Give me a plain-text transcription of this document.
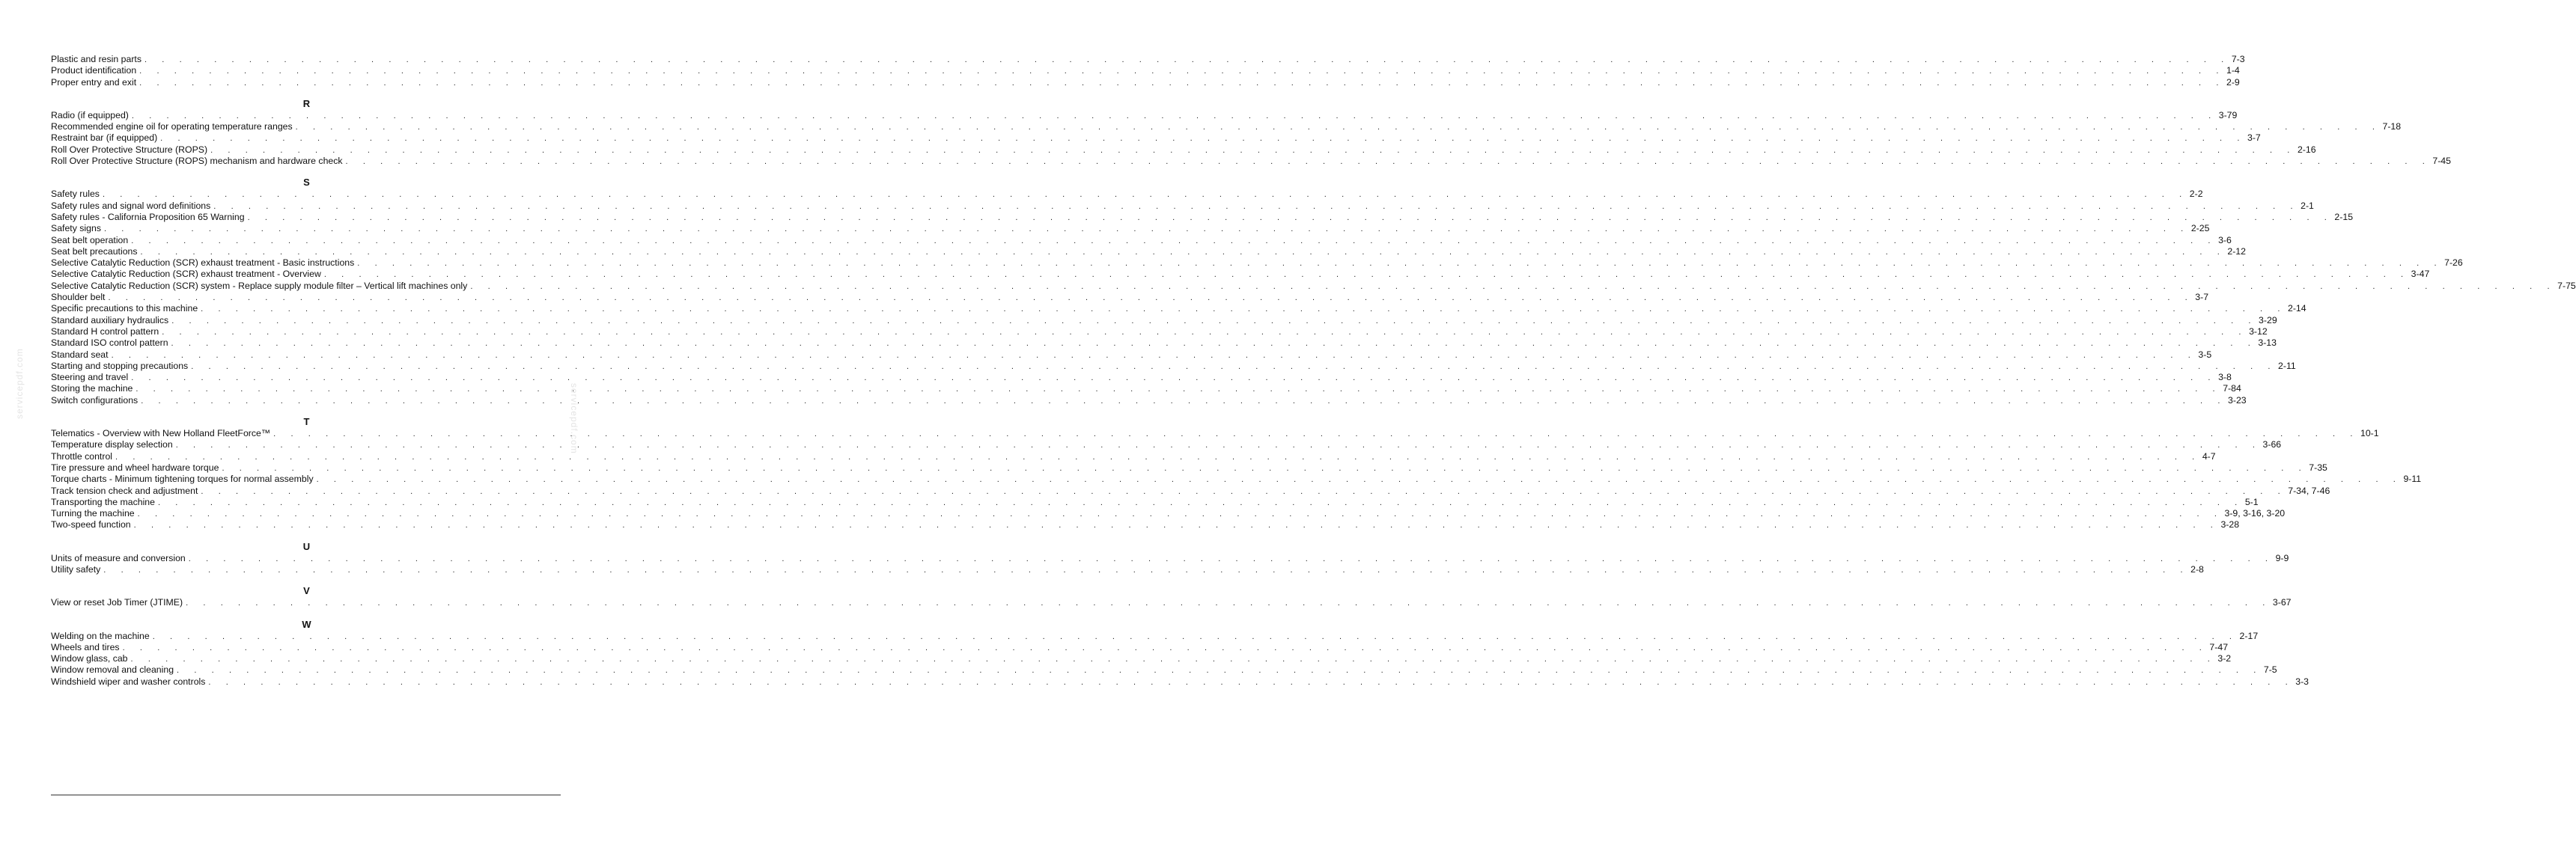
Plastic and resin parts . . . . . . . . . . . . . . . . . . . . . . . . . . . . . . . . . . . . . . . . . . . . . . . . . . . . . . . . . . . . . . . . . . . . . . . . . . . . . . . . . . . . . . . . . . . . . . . . . . . . . . . . . . . . . . . . . . . . . . . . 7-3
Product identification . . . . . . . . . . . . . . . . . . . . . . . . . . . . . . . . . . . . . . . . . . . . . . . . . . . . . . . . . . . . . . . . . . . . . . . . . . . . . . . . . . . . . . . . . . . . . . . . . . . . . . . . . . . . . . . . . . . . . . . . 1-4
Proper entry and exit . . . . . . . . . . . . . . . . . . . . . . . . . . . . . . . . . . . . . . . . . . . . . . . . . . . . . . . . . . . . . . . . . . . . . . . . . . . . . . . . . . . . . . . . . . . . . . . . . . . . . . . . . . . . . . . . . . . . . . . . 2-9
R
Radio (if equipped) . . . . . . . . . . . . . . . . . . . . . . . . . . . . . . . . . . . . . . . . . . . . . . . . . . . . . . . . . . . . . . . . . . . . . . . . . . . . . . . . . . . . . . . . . . . . . . . . . . . . . . . . . . . . . . . . . . . . . . . . 3-79
Recommended engine oil for operating temperature ranges . . . . . . . . . . . . . . . . . . . . . . . . . . . . . . . . . . . . . . . . . . . . . . . . . . . . . . . . . . . . . . . . . . . . . . . . . . . . . . . . . . . . . . . . . . . . . . . . . . . . . . . . . . . . . . . . . . . . . . . . 7-18
Restraint bar (if equipped) . . . . . . . . . . . . . . . . . . . . . . . . . . . . . . . . . . . . . . . . . . . . . . . . . . . . . . . . . . . . . . . . . . . . . . . . . . . . . . . . . . . . . . . . . . . . . . . . . . . . . . . . . . . . . . . . . . . . . . . . 3-7
Roll Over Protective Structure (ROPS) . . . . . . . . . . . . . . . . . . . . . . . . . . . . . . . . . . . . . . . . . . . . . . . . . . . . . . . . . . . . . . . . . . . . . . . . . . . . . . . . . . . . . . . . . . . . . . . . . . . . . . . . . . . . . . . . . . . . . . . . 2-16
Roll Over Protective Structure (ROPS) mechanism and hardware check . . . . . . . . . . . . . . . . . . . . . . . . . . . . . . . . . . . . . . . . . . . . . . . . . . . . . . . . . . . . . . . . . . . . . . . . . . . . . . . . . . . . . . . . . . . . . . . . . . . . . . . . . . . . . . . . . . . . . . . . 7-45
S
Safety rules . . . . . . . . . . . . . . . . . . . . . . . . . . . . . . . . . . . . . . . . . . . . . . . . . . . . . . . . . . . . . . . . . . . . . . . . . . . . . . . . . . . . . . . . . . . . . . . . . . . . . . . . . . . . . . . . . . . . . . . . 2-2
Safety rules and signal word definitions . . . . . . . . . . . . . . . . . . . . . . . . . . . . . . . . . . . . . . . . . . . . . . . . . . . . . . . . . . . . . . . . . . . . . . . . . . . . . . . . . . . . . . . . . . . . . . . . . . . . . . . . . . . . . . . . . . . . . . . . 2-1
Safety rules - California Proposition 65 Warning . . . . . . . . . . . . . . . . . . . . . . . . . . . . . . . . . . . . . . . . . . . . . . . . . . . . . . . . . . . . . . . . . . . . . . . . . . . . . . . . . . . . . . . . . . . . . . . . . . . . . . . . . . . . . . . . . . . . . . . . 2-15
Safety signs . . . . . . . . . . . . . . . . . . . . . . . . . . . . . . . . . . . . . . . . . . . . . . . . . . . . . . . . . . . . . . . . . . . . . . . . . . . . . . . . . . . . . . . . . . . . . . . . . . . . . . . . . . . . . . . . . . . . . . . . 2-25
Seat belt operation . . . . . . . . . . . . . . . . . . . . . . . . . . . . . . . . . . . . . . . . . . . . . . . . . . . . . . . . . . . . . . . . . . . . . . . . . . . . . . . . . . . . . . . . . . . . . . . . . . . . . . . . . . . . . . . . . . . . . . . . 3-6
Seat belt precautions . . . . . . . . . . . . . . . . . . . . . . . . . . . . . . . . . . . . . . . . . . . . . . . . . . . . . . . . . . . . . . . . . . . . . . . . . . . . . . . . . . . . . . . . . . . . . . . . . . . . . . . . . . . . . . . . . . . . . . . . 2-12
Selective Catalytic Reduction (SCR) exhaust treatment - Basic instructions . . . . . . . . . . . . . . . . . . . . . . . . . . . . . . . . . . . . . . . . . . . . . . . . . . . . . . . . . . . . . . . . . . . . . . . . . . . . . . . . . . . . . . . . . . . . . . . . . . . . . . . . . . . . . . . . . . . . . . . . 7-26
Selective Catalytic Reduction (SCR) exhaust treatment - Overview . . . . . . . . . . . . . . . . . . . . . . . . . . . . . . . . . . . . . . . . . . . . . . . . . . . . . . . . . . . . . . . . . . . . . . . . . . . . . . . . . . . . . . . . . . . . . . . . . . . . . . . . . . . . . . . . . . . . . . . . 3-47
Selective Catalytic Reduction (SCR) system - Replace supply module filter – Vertical lift machines only . . . . . . . . . . . . . . . . . . . . . . . . . . . . . . . . . . . . . . . . . . . . . . . . . . . . . . . . . . . . . . . . . . . . . . . . . . . . . . . . . . . . . . . . . . . . . . . . . . . . . . . . . . . . . . . . . . . . . . . . 7-75
Shoulder belt . . . . . . . . . . . . . . . . . . . . . . . . . . . . . . . . . . . . . . . . . . . . . . . . . . . . . . . . . . . . . . . . . . . . . . . . . . . . . . . . . . . . . . . . . . . . . . . . . . . . . . . . . . . . . . . . . . . . . . . . 3-7
Specific precautions to this machine . . . . . . . . . . . . . . . . . . . . . . . . . . . . . . . . . . . . . . . . . . . . . . . . . . . . . . . . . . . . . . . . . . . . . . . . . . . . . . . . . . . . . . . . . . . . . . . . . . . . . . . . . . . . . . . . . . . . . . . . 2-14
Standard auxiliary hydraulics . . . . . . . . . . . . . . . . . . . . . . . . . . . . . . . . . . . . . . . . . . . . . . . . . . . . . . . . . . . . . . . . . . . . . . . . . . . . . . . . . . . . . . . . . . . . . . . . . . . . . . . . . . . . . . . . . . . . . . . . 3-29
Standard H control pattern . . . . . . . . . . . . . . . . . . . . . . . . . . . . . . . . . . . . . . . . . . . . . . . . . . . . . . . . . . . . . . . . . . . . . . . . . . . . . . . . . . . . . . . . . . . . . . . . . . . . . . . . . . . . . . . . . . . . . . . . 3-12
Standard ISO control pattern . . . . . . . . . . . . . . . . . . . . . . . . . . . . . . . . . . . . . . . . . . . . . . . . . . . . . . . . . . . . . . . . . . . . . . . . . . . . . . . . . . . . . . . . . . . . . . . . . . . . . . . . . . . . . . . . . . . . . . . . 3-13
Standard seat . . . . . . . . . . . . . . . . . . . . . . . . . . . . . . . . . . . . . . . . . . . . . . . . . . . . . . . . . . . . . . . . . . . . . . . . . . . . . . . . . . . . . . . . . . . . . . . . . . . . . . . . . . . . . . . . . . . . . . . . 3-5
Starting and stopping precautions . . . . . . . . . . . . . . . . . . . . . . . . . . . . . . . . . . . . . . . . . . . . . . . . . . . . . . . . . . . . . . . . . . . . . . . . . . . . . . . . . . . . . . . . . . . . . . . . . . . . . . . . . . . . . . . . . . . . . . . . 2-11
Steering and travel . . . . . . . . . . . . . . . . . . . . . . . . . . . . . . . . . . . . . . . . . . . . . . . . . . . . . . . . . . . . . . . . . . . . . . . . . . . . . . . . . . . . . . . . . . . . . . . . . . . . . . . . . . . . . . . . . . . . . . . . 3-8
Storing the machine . . . . . . . . . . . . . . . . . . . . . . . . . . . . . . . . . . . . . . . . . . . . . . . . . . . . . . . . . . . . . . . . . . . . . . . . . . . . . . . . . . . . . . . . . . . . . . . . . . . . . . . . . . . . . . . . . . . . . . . . 7-84
Switch configurations . . . . . . . . . . . . . . . . . . . . . . . . . . . . . . . . . . . . . . . . . . . . . . . . . . . . . . . . . . . . . . . . . . . . . . . . . . . . . . . . . . . . . . . . . . . . . . . . . . . . . . . . . . . . . . . . . . . . . . . . 3-23
T
Telematics - Overview with New Holland FleetForce™ . . . . . . . . . . . . . . . . . . . . . . . . . . . . . . . . . . . . . . . . . . . . . . . . . . . . . . . . . . . . . . . . . . . . . . . . . . . . . . . . . . . . . . . . . . . . . . . . . . . . . . . . . . . . . . . . . . . . . . . . 10-1
Temperature display selection . . . . . . . . . . . . . . . . . . . . . . . . . . . . . . . . . . . . . . . . . . . . . . . . . . . . . . . . . . . . . . . . . . . . . . . . . . . . . . . . . . . . . . . . . . . . . . . . . . . . . . . . . . . . . . . . . . . . . . . . 3-66
Throttle control . . . . . . . . . . . . . . . . . . . . . . . . . . . . . . . . . . . . . . . . . . . . . . . . . . . . . . . . . . . . . . . . . . . . . . . . . . . . . . . . . . . . . . . . . . . . . . . . . . . . . . . . . . . . . . . . . . . . . . . . 4-7
Tire pressure and wheel hardware torque . . . . . . . . . . . . . . . . . . . . . . . . . . . . . . . . . . . . . . . . . . . . . . . . . . . . . . . . . . . . . . . . . . . . . . . . . . . . . . . . . . . . . . . . . . . . . . . . . . . . . . . . . . . . . . . . . . . . . . . . 7-35
Torque charts - Minimum tightening torques for normal assembly . . . . . . . . . . . . . . . . . . . . . . . . . . . . . . . . . . . . . . . . . . . . . . . . . . . . . . . . . . . . . . . . . . . . . . . . . . . . . . . . . . . . . . . . . . . . . . . . . . . . . . . . . . . . . . . . . . . . . . . . 9-11
Track tension check and adjustment . . . . . . . . . . . . . . . . . . . . . . . . . . . . . . . . . . . . . . . . . . . . . . . . . . . . . . . . . . . . . . . . . . . . . . . . . . . . . . . . . . . . . . . . . . . . . . . . . . . . . . . . . . . . . . . . . . . . . . . . 7-34, 7-46
Transporting the machine . . . . . . . . . . . . . . . . . . . . . . . . . . . . . . . . . . . . . . . . . . . . . . . . . . . . . . . . . . . . . . . . . . . . . . . . . . . . . . . . . . . . . . . . . . . . . . . . . . . . . . . . . . . . . . . . . . . . . . . . 5-1
Turning the machine . . . . . . . . . . . . . . . . . . . . . . . . . . . . . . . . . . . . . . . . . . . . . . . . . . . . . . . . . . . . . . . . . . . . . . . . . . . . . . . . . . . . . . . . . . . . . . . . . . . . . . . . . . . . . . . . . . . . . . . . 3-9, 3-16, 3-20
Two-speed function . . . . . . . . . . . . . . . . . . . . . . . . . . . . . . . . . . . . . . . . . . . . . . . . . . . . . . . . . . . . . . . . . . . . . . . . . . . . . . . . . . . . . . . . . . . . . . . . . . . . . . . . . . . . . . . . . . . . . . . . 3-28
U
Units of measure and conversion . . . . . . . . . . . . . . . . . . . . . . . . . . . . . . . . . . . . . . . . . . . . . . . . . . . . . . . . . . . . . . . . . . . . . . . . . . . . . . . . . . . . . . . . . . . . . . . . . . . . . . . . . . . . . . . . . . . . . . . . 9-9
Utility safety . . . . . . . . . . . . . . . . . . . . . . . . . . . . . . . . . . . . . . . . . . . . . . . . . . . . . . . . . . . . . . . . . . . . . . . . . . . . . . . . . . . . . . . . . . . . . . . . . . . . . . . . . . . . . . . . . . . . . . . . 2-8
V
View or reset Job Timer (JTIME) . . . . . . . . . . . . . . . . . . . . . . . . . . . . . . . . . . . . . . . . . . . . . . . . . . . . . . . . . . . . . . . . . . . . . . . . . . . . . . . . . . . . . . . . . . . . . . . . . . . . . . . . . . . . . . . . . . . . . . . . 3-67
W
Welding on the machine . . . . . . . . . . . . . . . . . . . . . . . . . . . . . . . . . . . . . . . . . . . . . . . . . . . . . . . . . . . . . . . . . . . . . . . . . . . . . . . . . . . . . . . . . . . . . . . . . . . . . . . . . . . . . . . . . . . . . . . . 2-17
Wheels and tires . . . . . . . . . . . . . . . . . . . . . . . . . . . . . . . . . . . . . . . . . . . . . . . . . . . . . . . . . . . . . . . . . . . . . . . . . . . . . . . . . . . . . . . . . . . . . . . . . . . . . . . . . . . . . . . . . . . . . . . . 7-47
Window glass, cab . . . . . . . . . . . . . . . . . . . . . . . . . . . . . . . . . . . . . . . . . . . . . . . . . . . . . . . . . . . . . . . . . . . . . . . . . . . . . . . . . . . . . . . . . . . . . . . . . . . . . . . . . . . . . . . . . . . . . . . . 3-2
Window removal and cleaning . . . . . . . . . . . . . . . . . . . . . . . . . . . . . . . . . . . . . . . . . . . . . . . . . . . . . . . . . . . . . . . . . . . . . . . . . . . . . . . . . . . . . . . . . . . . . . . . . . . . . . . . . . . . . . . . . . . . . . . . 7-5
Windshield wiper and washer controls . . . . . . . . . . . . . . . . . . . . . . . . . . . . . . . . . . . . . . . . . . . . . . . . . . . . . . . . . . . . . . . . . . . . . . . . . . . . . . . . . . . . . . . . . . . . . . . . . . . . . . . . . . . . . . . . . . . . . . . . 3-3
servicepdf.com	servicepdf.com
